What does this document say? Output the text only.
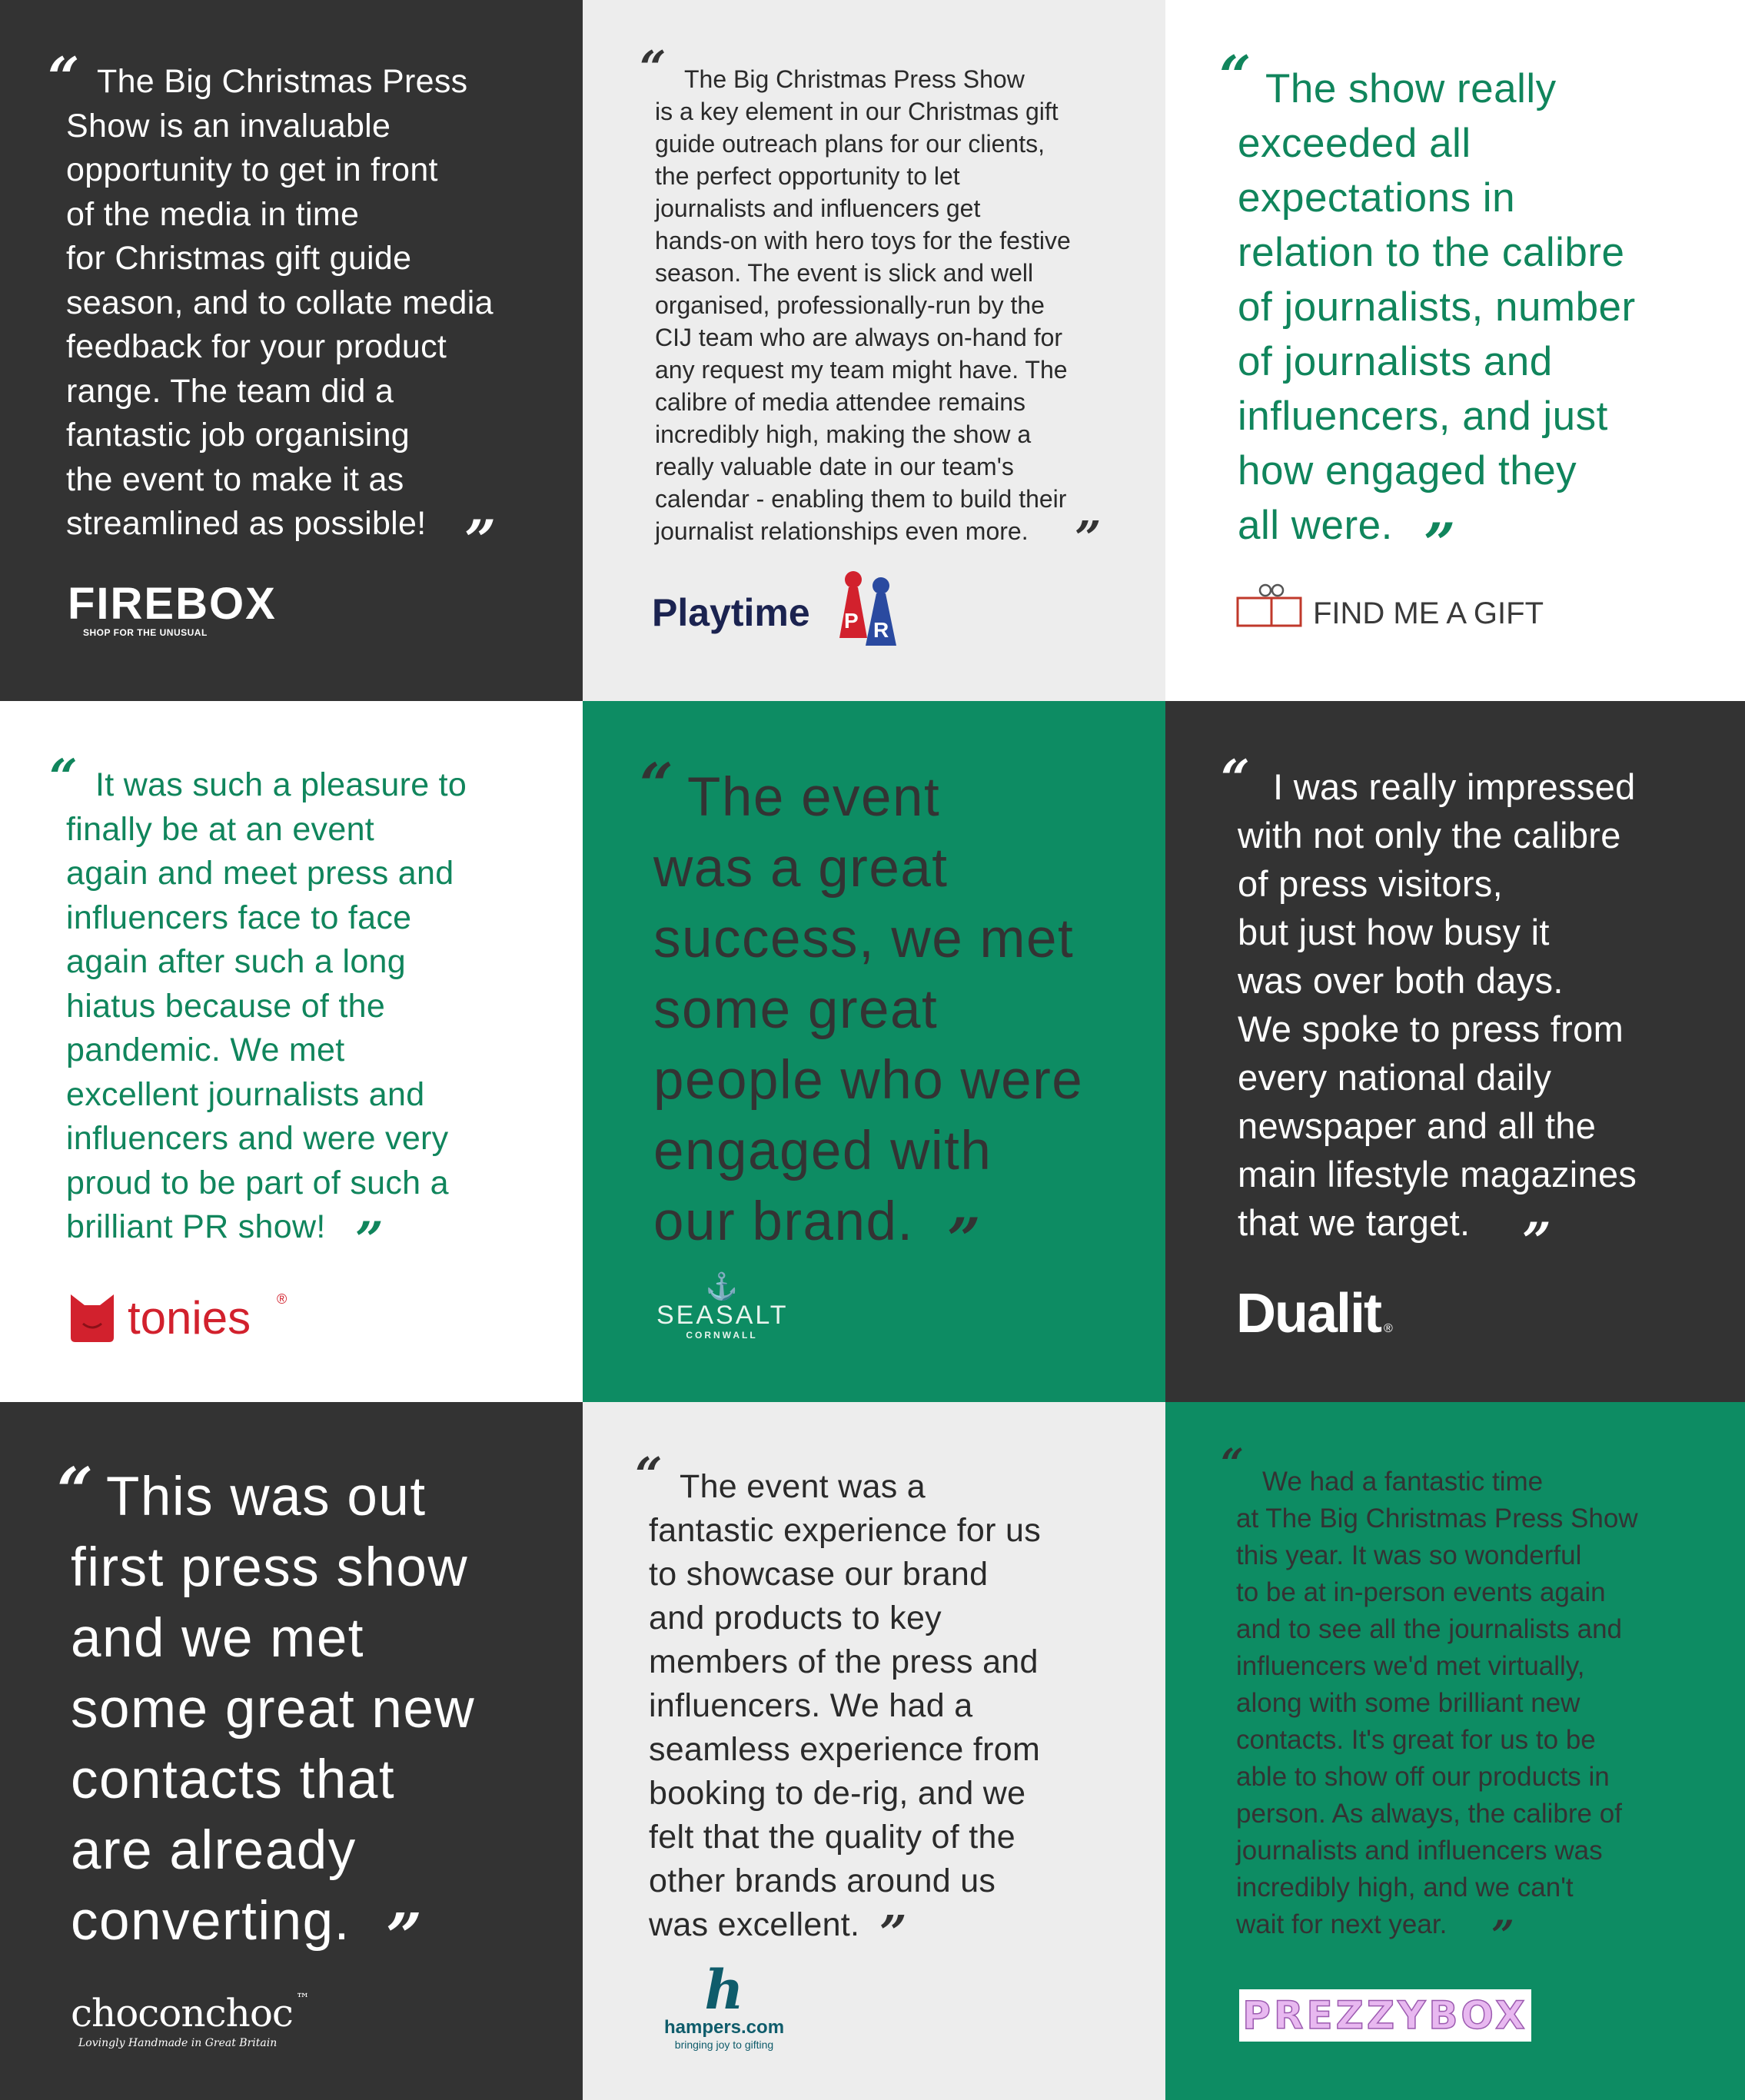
“ The Big Christmas Press
Show is an invaluable
opportunity to get in front
of the media in time
for Christmas gift guide
season, and to collate media
feedback for your product
range. The team did a
fantastic job organising
the event to make it as
streamlined as possible! ”
FIREBOX
SHOP FOR THE UNUSUAL
“ The Big Christmas Press Show
is a key element in our Christmas gift
guide outreach plans for our clients,
the perfect opportunity to let
journalists and influencers get
hands-on with hero toys for the festive
season. The event is slick and well
organised, professionally-run by the
CIJ team who are always on-hand for
any request my team might have. The
calibre of media attendee remains
incredibly high, making the show a
really valuable date in our team's
calendar - enabling them to build their
journalist relationships even more.	”
Playtime P R
“ The show really
exceeded all
expectations in
relation to the calibre
of journalists, number
of journalists and
influencers, and just
how engaged they
all were. ”
FIND ME A GIFT
“ It was such a pleasure to
finally be at an event
again and meet press and
influencers face to face
again after such a long
hiatus because of the
pandemic. We met
excellent journalists and
influencers and were very
proud to be part of such a
brilliant PR show! ”
tonies ®
“ The event
was a great
success, we met
some great
people who were
engaged with
our brand. ”
⚓
SEASALT
CORNWALL
“ I was really impressed
with not only the calibre
of press visitors,
but just how busy it
was over both days.
We spoke to press from
every national daily
newspaper and all the
main lifestyle magazines
that we target.	”
Dualit ®
“ This was out
first press show
and we met
some great new
contacts that
are already
converting. ”
choconchoc ™
Lovingly Handmade in Great Britain
“ The event was a
fantastic experience for us
to showcase our brand
and products to key
members of the press and
influencers. We had a
seamless experience from
booking to de-rig, and we
felt that the quality of the
other brands around us
was excellent. ”
h
hampers.com
bringing joy to gifting
“ We had a fantastic time
at The Big Christmas Press Show
this year. It was so wonderful
to be at in-person events again
and to see all the journalists and
influencers we'd met virtually,
along with some brilliant new
contacts. It's great for us to be
able to show off our products in
person. As always, the calibre of
journalists and influencers was
incredibly high, and we can't
wait for next year.	”
PREZZYBOX
